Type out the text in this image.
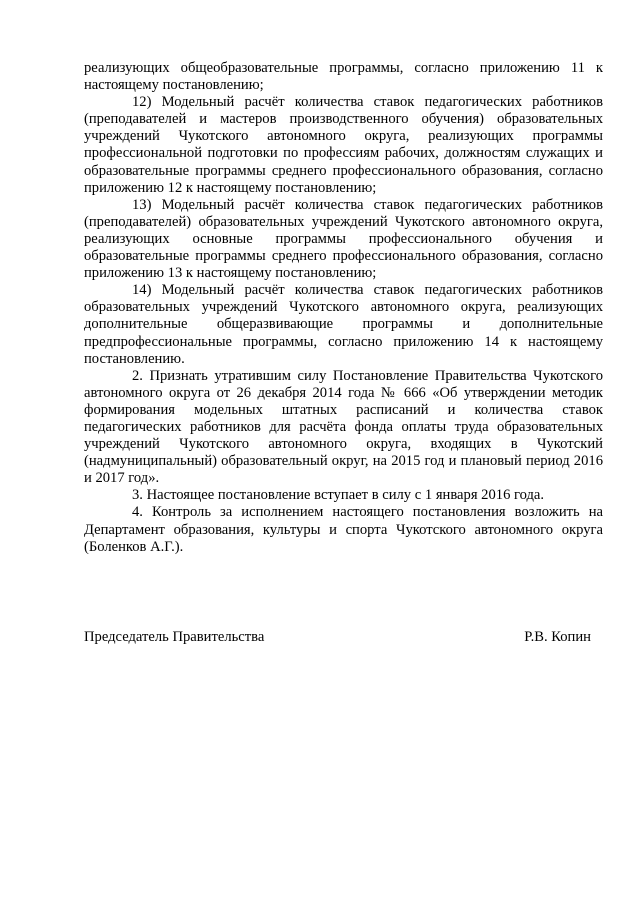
реализующих общеобразовательные программы, согласно приложению 11 к настоящему постановлению;

12) Модельный расчёт количества ставок педагогических работников (преподавателей и мастеров производственного обучения) образовательных учреждений Чукотского автономного округа, реализующих программы профессиональной подготовки по профессиям рабочих, должностям служащих и образовательные программы среднего профессионального образования, согласно приложению 12 к настоящему постановлению;

13) Модельный расчёт количества ставок педагогических работников (преподавателей) образовательных учреждений Чукотского автономного округа, реализующих основные программы профессионального обучения и образовательные программы среднего профессионального образования, согласно приложению 13 к настоящему постановлению;

14) Модельный расчёт количества ставок педагогических работников образовательных учреждений Чукотского автономного округа, реализующих дополнительные общеразвивающие программы и дополнительные предпрофессиональные программы, согласно приложению 14 к настоящему постановлению.

2. Признать утратившим силу Постановление Правительства Чукотского автономного округа от 26 декабря 2014 года № 666 «Об утверждении методик формирования модельных штатных расписаний и количества ставок педагогических работников для расчёта фонда оплаты труда образовательных учреждений Чукотского автономного округа, входящих в Чукотский (надмуниципальный) образовательный округ, на 2015 год и плановый период 2016 и 2017 год».

3. Настоящее постановление вступает в силу с 1 января 2016 года.

4. Контроль за исполнением настоящего постановления возложить на Департамент образования, культуры и спорта Чукотского автономного округа (Боленков А.Г.).

Председатель Правительства	Р.В. Копин
